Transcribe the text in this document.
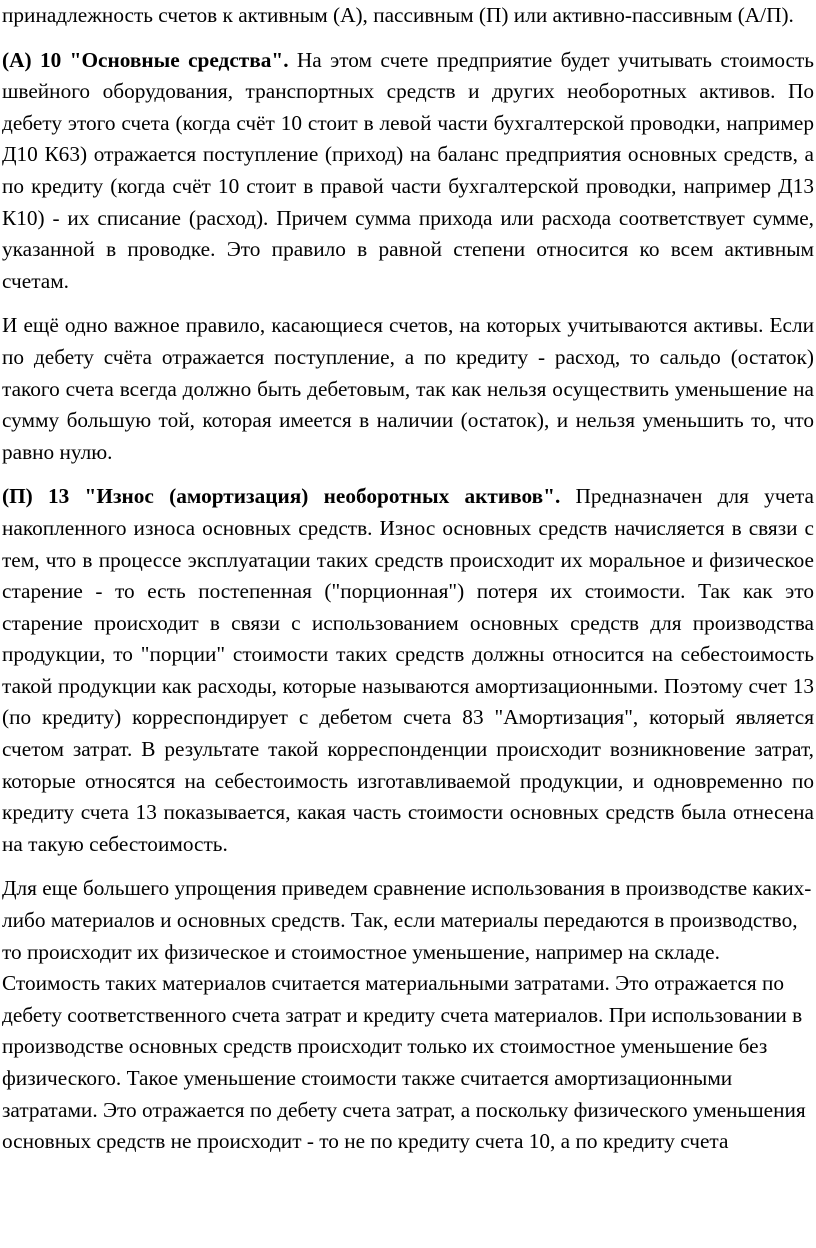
принадлежность счетов к активным (А), пассивным (П) или активно-пассивным (А/П).

(А) 10 "Основные средства". На этом счете предприятие будет учитывать стоимость швейного оборудования, транспортных средств и других необоротных активов. По дебету этого счета (когда счёт 10 стоит в левой части бухгалтерской проводки, например Д10 К63) отражается поступление (приход) на баланс предприятия основных средств, а по кредиту (когда счёт 10 стоит в правой части бухгалтерской проводки, например Д13 К10) - их списание (расход). Причем сумма прихода или расхода соответствует сумме, указанной в проводке. Это правило в равной степени относится ко всем активным счетам.

И ещё одно важное правило, касающиеся счетов, на которых учитываются активы. Если по дебету счёта отражается поступление, а по кредиту - расход, то сальдо (остаток) такого счета всегда должно быть дебетовым, так как нельзя осуществить уменьшение на сумму большую той, которая имеется в наличии (остаток), и нельзя уменьшить то, что равно нулю.

(П) 13 "Износ (амортизация) необоротных активов". Предназначен для учета накопленного износа основных средств. Износ основных средств начисляется в связи с тем, что в процессе эксплуатации таких средств происходит их моральное и физическое старение - то есть постепенная ("порционная") потеря их стоимости. Так как это старение происходит в связи с использованием основных средств для производства продукции, то "порции" стоимости таких средств должны относится на себестоимость такой продукции как расходы, которые называются амортизационными. Поэтому счет 13 (по кредиту) корреспондирует с дебетом счета 83 "Амортизация", который является счетом затрат. В результате такой корреспонденции происходит возникновение затрат, которые относятся на себестоимость изготавливаемой продукции, и одновременно по кредиту счета 13 показывается, какая часть стоимости основных средств была отнесена на такую себестоимость.

Для еще большего упрощения приведем сравнение использования в производстве каких-либо материалов и основных средств. Так, если материалы передаются в производство, то происходит их физическое и стоимостное уменьшение, например на складе. Стоимость таких материалов считается материальными затратами. Это отражается по дебету соответственного счета затрат и кредиту счета материалов. При использовании в производстве основных средств происходит только их стоимостное уменьшение без физического. Такое уменьшение стоимости также считается амортизационными затратами. Это отражается по дебету счета затрат, а поскольку физического уменьшения основных средств не происходит - то не по кредиту счета 10, а по кредиту счета
